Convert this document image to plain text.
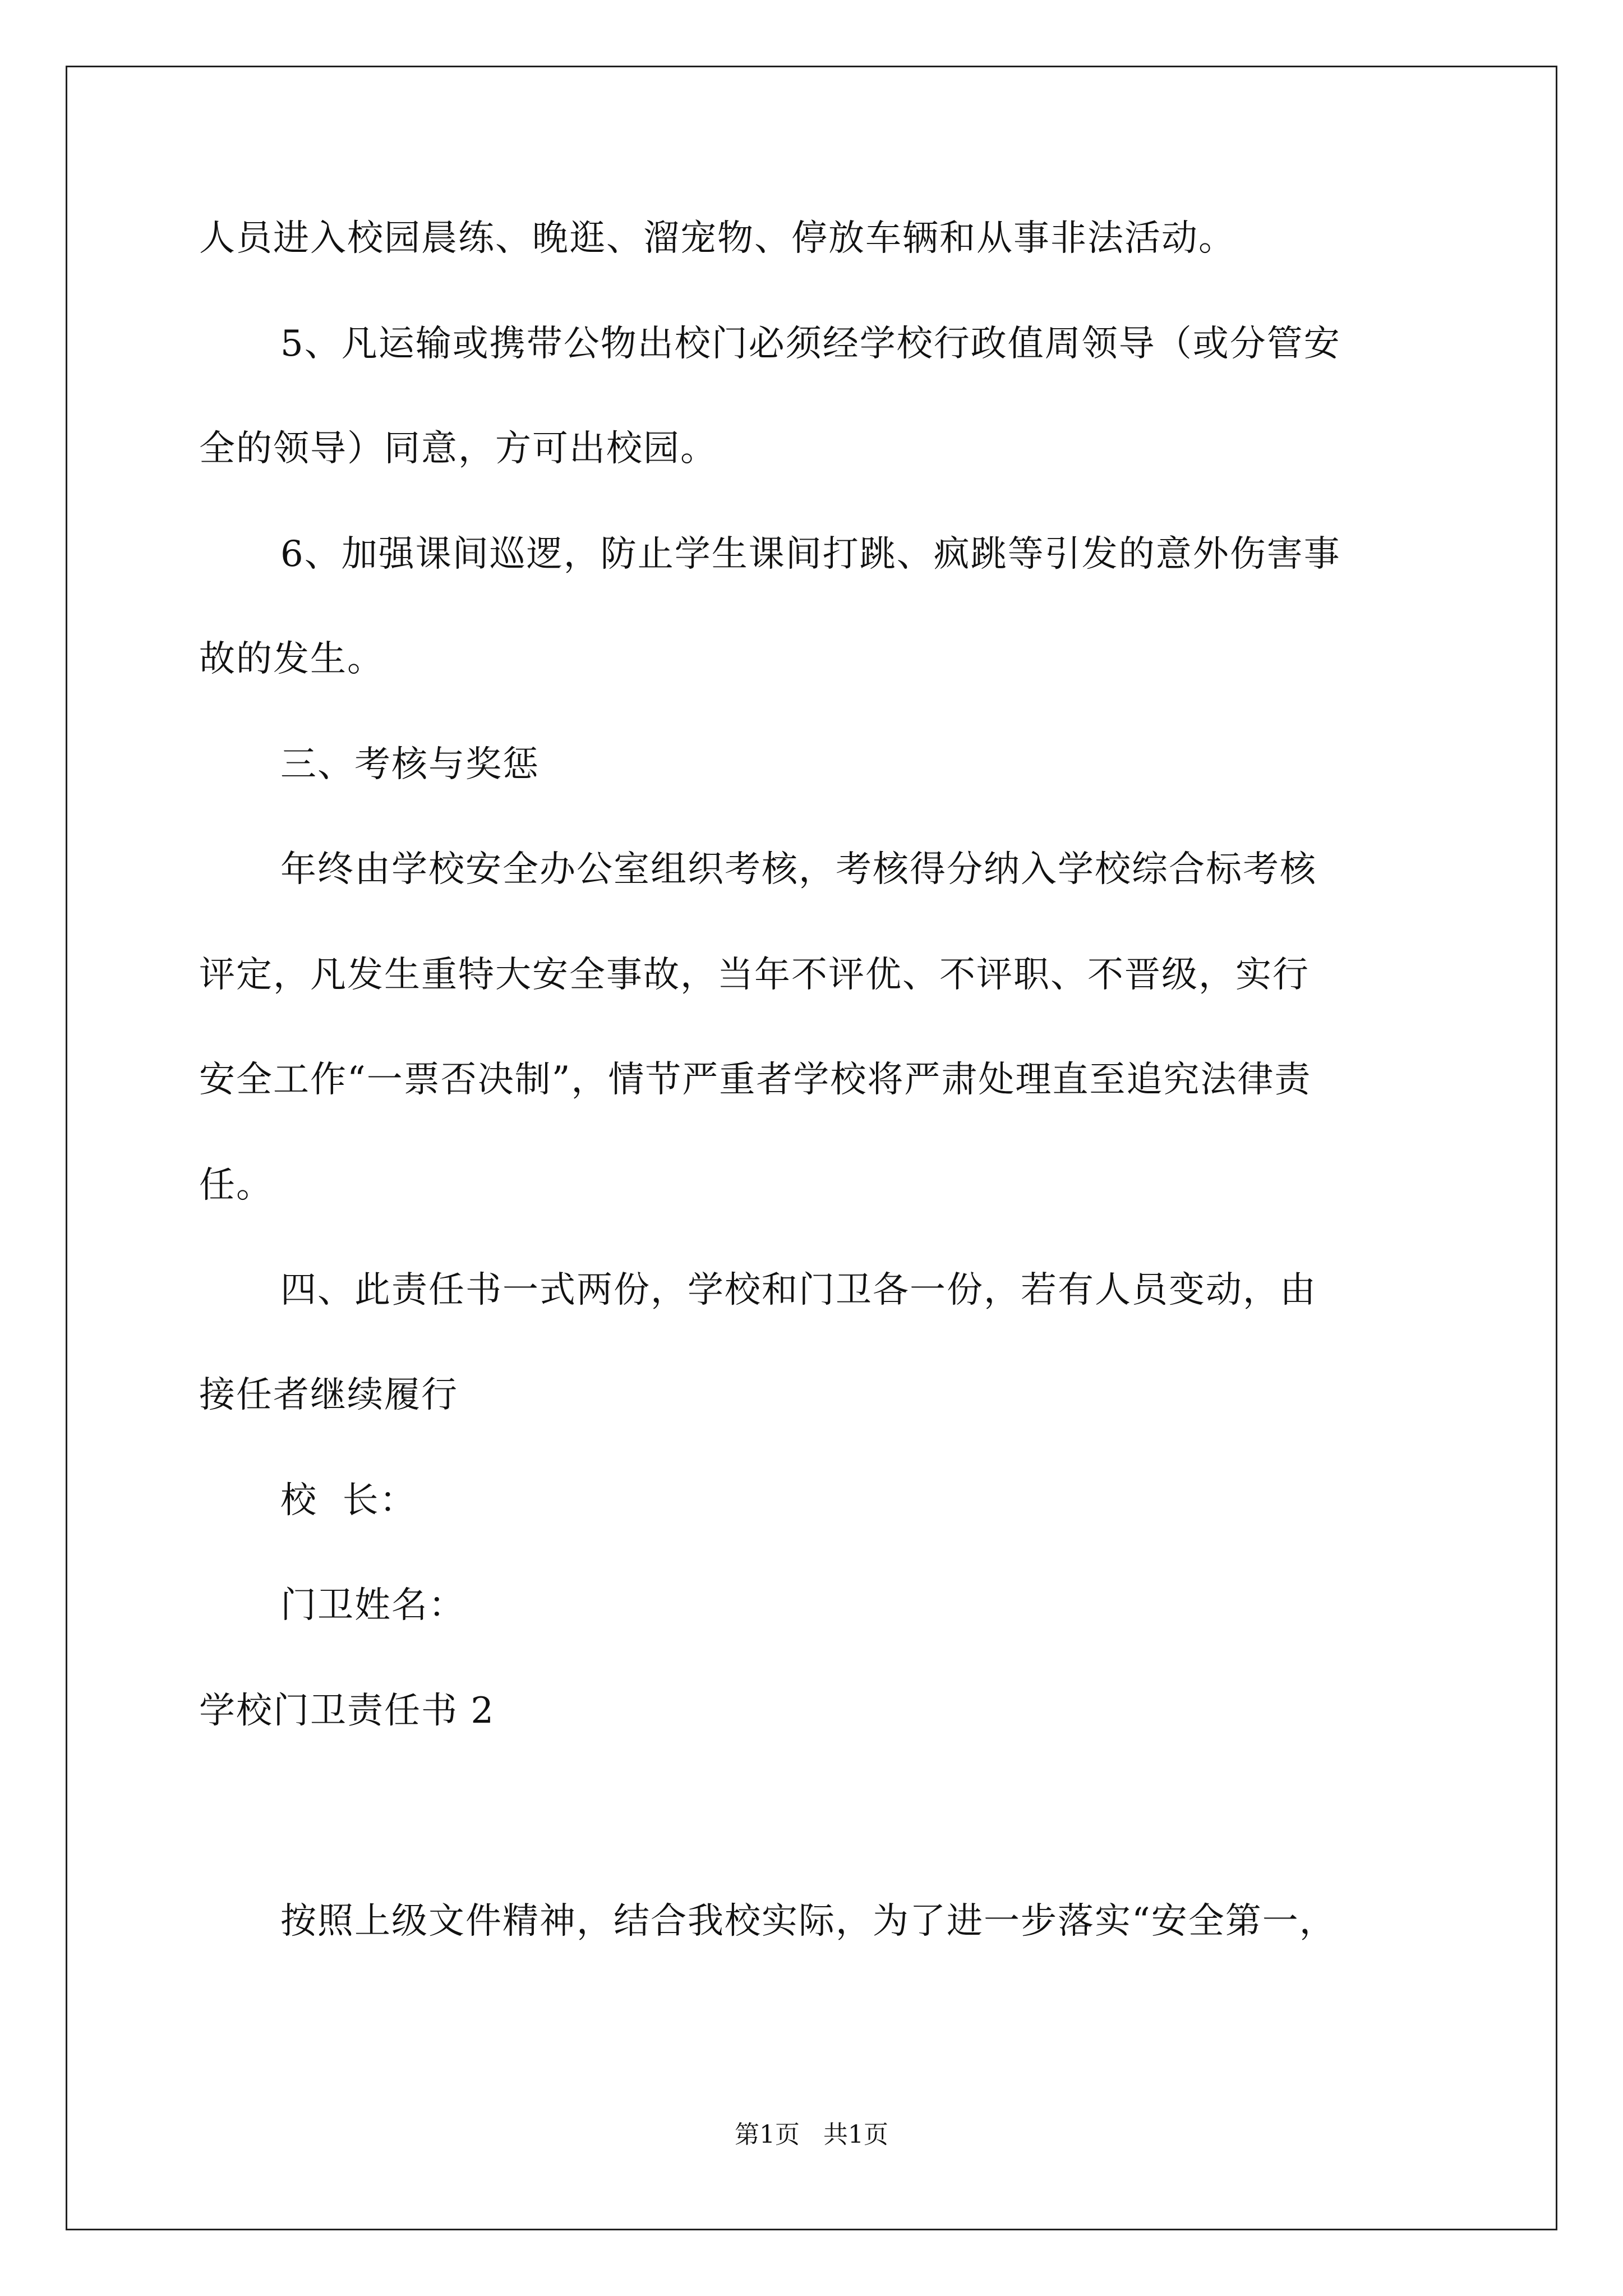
人员进入校园晨练、晚逛、溜宠物、停放车辆和从事非法活动。
5、凡运输或携带公物出校门必须经学校行政值周领导（或分管安
全的领导）同意，方可出校园。
6、加强课间巡逻，防止学生课间打跳、疯跳等引发的意外伤害事
故的发生。
三、考核与奖惩
年终由学校安全办公室组织考核，考核得分纳入学校综合标考核
评定，凡发生重特大安全事故，当年不评优、不评职、不晋级，实行
安全工作“一票否决制”，情节严重者学校将严肃处理直至追究法律责
任。
四、此责任书一式两份，学校和门卫各一份，若有人员变动，由
接任者继续履行
校  长：
门卫姓名：
学校门卫责任书 2
按照上级文件精神，结合我校实际，为了进一步落实“安全第一，
第1页   共1页
